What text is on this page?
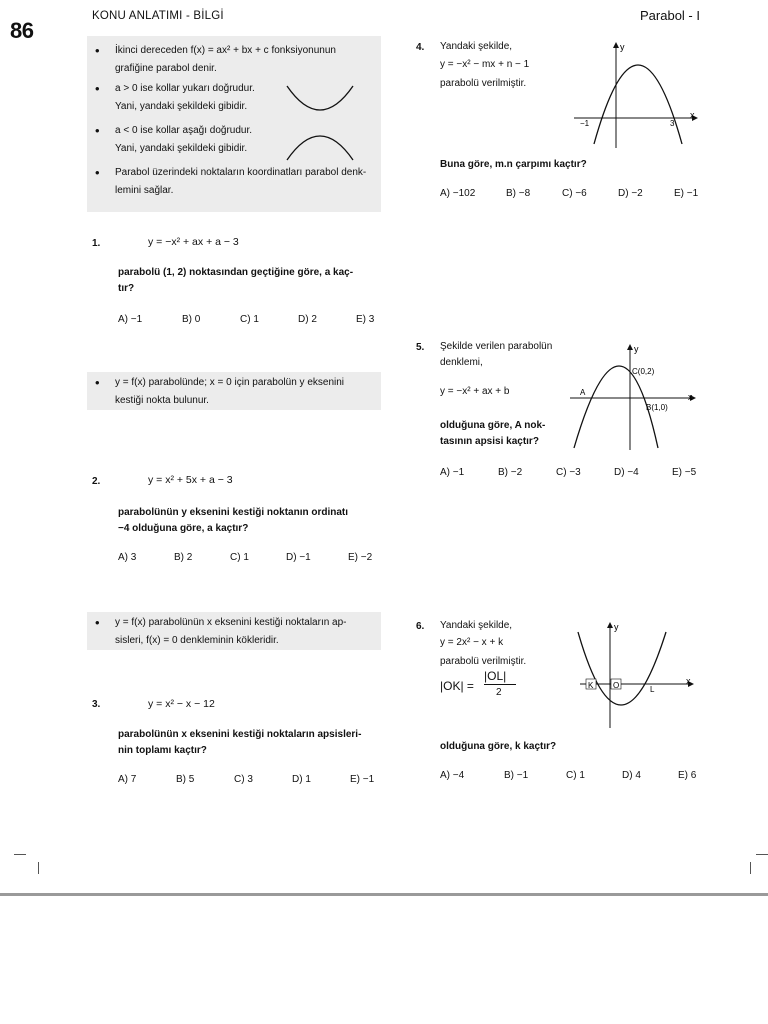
86
KONU ANLATIMI - BİLGİ	Parabol - I
• İkinci dereceden f(x) = ax² + bx + c fonksiyonunun
grafiğine parabol denir.
• a > 0 ise kollar yukarı doğrudur.
Yani, yandaki şekildeki gibidir.
• a < 0 ise kollar aşağı doğrudur.
Yani, yandaki şekildeki gibidir.
• Parabol üzerindeki noktaların koordinatları parabol denk-
lemini sağlar.
1.	y = −x² + ax + a − 3
parabolü (1, 2) noktasından geçtiğine göre, a kaç-
tır?
A) −1	B) 0	C) 1	D) 2	E) 3
• y = f(x) parabolünde; x = 0 için parabolün y eksenini
kestiği nokta bulunur.
2.	y = x² + 5x + a − 3
parabolünün y eksenini kestiği noktanın ordinatı
−4 olduğuna göre, a kaçtır?
A) 3	B) 2	C) 1	D) −1	E) −2
• y = f(x) parabolünün x eksenini kestiği noktaların ap-
sisleri, f(x) = 0 denkleminin kökleridir.
3.	y = x² − x − 12
parabolünün x eksenini kestiği noktaların apsisleri-
nin toplamı kaçtır?
A) 7	B) 5	C) 3	D) 1	E) −1
4. Yandaki şekilde,
y = −x² − mx + n − 1
parabolü verilmiştir.
y
x
−1	3
Buna göre, m.n çarpımı kaçtır?
A) −102	B) −8	C) −6	D) −2	E) −1
5. Şekilde verilen parabolün
denklemi,
y = −x² + ax + b
olduğuna göre, A nok-
tasının apsisi kaçtır?
y
x
A
C(0,2)
B(1,0)
A) −1	B) −2	C) −3	D) −4	E) −5
6. Yandaki şekilde,
y = 2x² − x + k
parabolü verilmiştir.
|OK| =
|OL|
2
y
x
K O	L
olduğuna göre, k kaçtır?
A) −4	B) −1	C) 1	D) 4	E) 6
